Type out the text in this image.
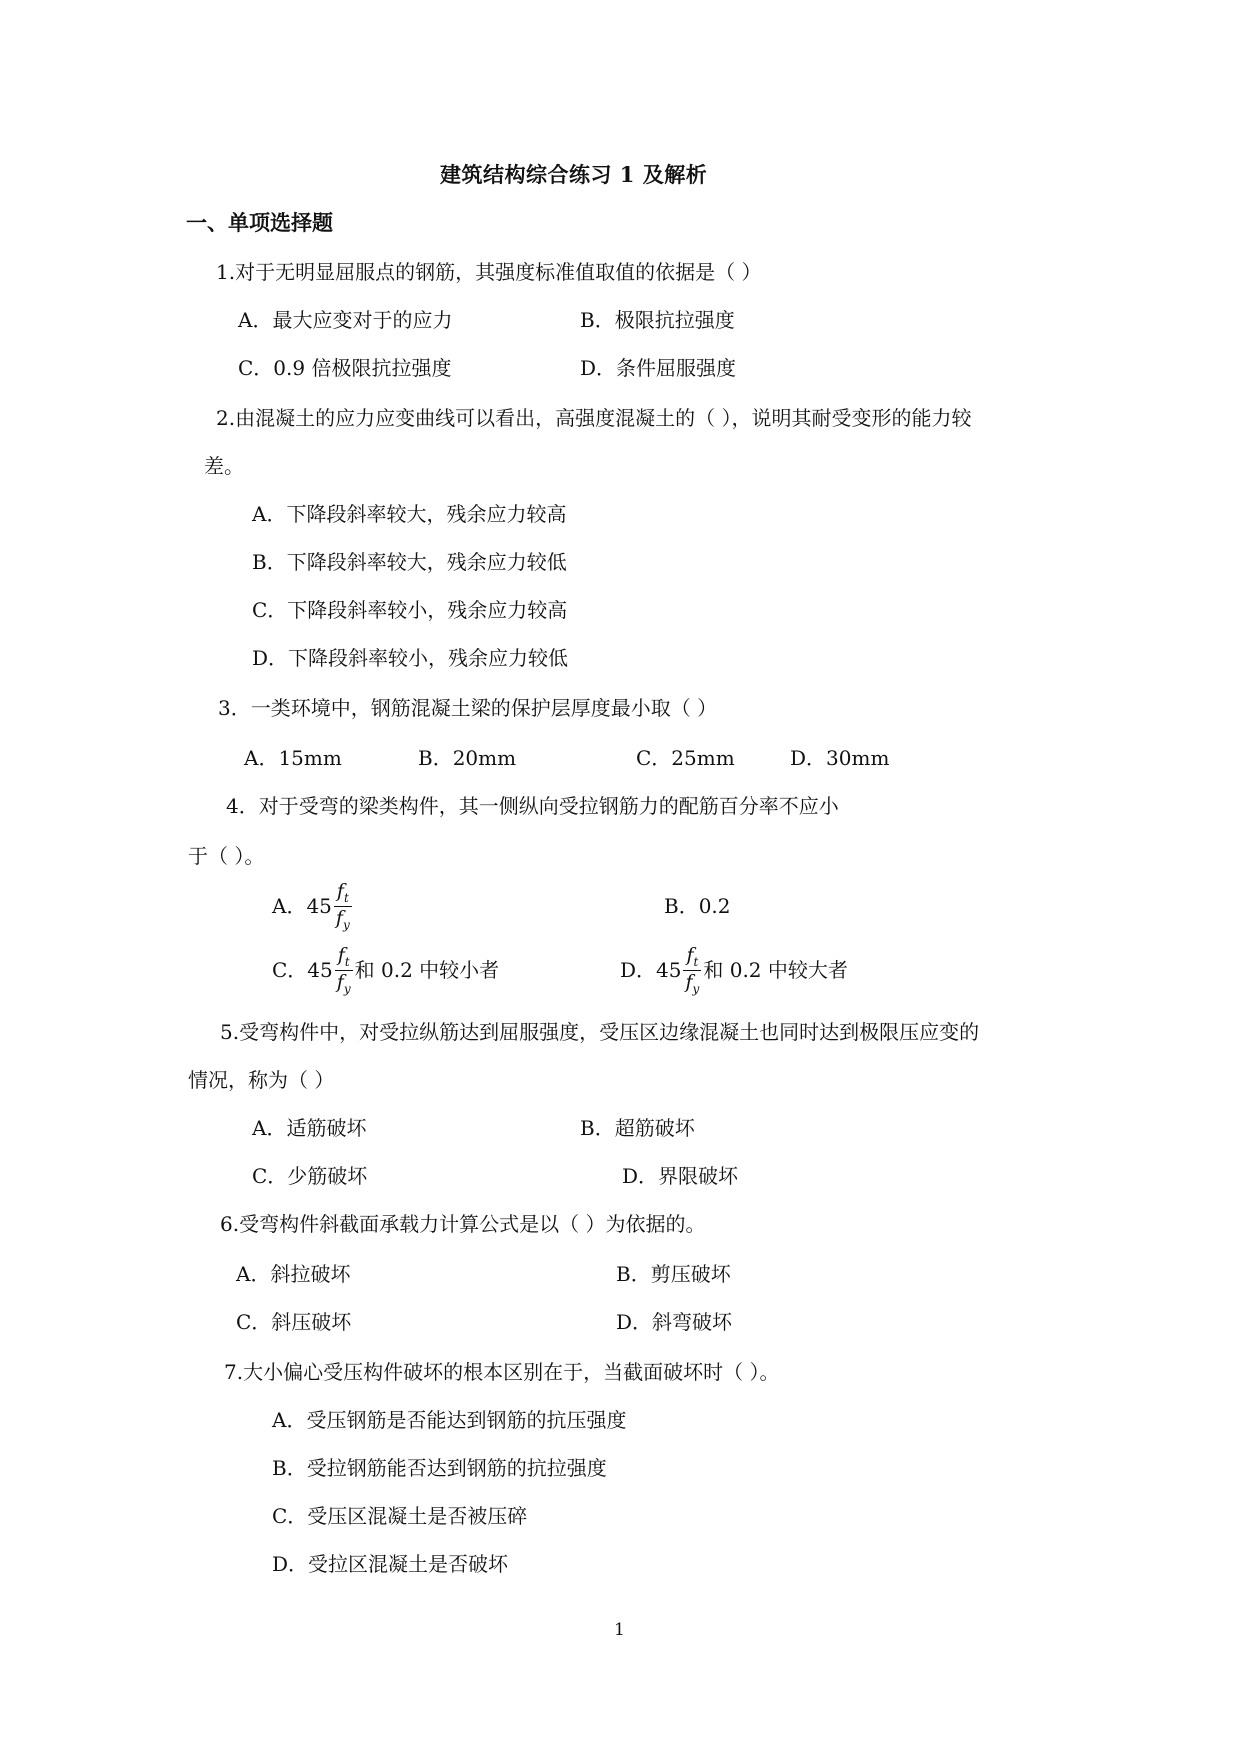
建筑结构综合练习 1 及解析
一、单项选择题
1.对于无明显屈服点的钢筋，其强度标准值取值的依据是（ ）
A．最大应变对于的应力	B．极限抗拉强度
C．0.9 倍极限抗拉强度	D．条件屈服强度
2.由混凝土的应力应变曲线可以看出，高强度混凝土的（ ），说明其耐受变形的能力较
差。
A．下降段斜率较大，残余应力较高
B．下降段斜率较大，残余应力较低
C．下降段斜率较小，残余应力较高
D．下降段斜率较小，残余应力较低
3．一类环境中，钢筋混凝土梁的保护层厚度最小取（ ）
A．15mm	B．20mm	C．25mm	D．30mm
4．对于受弯的梁类构件，其一侧纵向受拉钢筋力的配筋百分率不应小
于（ ）。
A．$45 \frac{f_t}{f_y}$	B．0.2
C．$45 \frac{f_t}{f_y}$ 和 0.2 中较小者	D．$45 \frac{f_t}{f_y}$ 和 0.2 中较大者
5.受弯构件中，对受拉纵筋达到屈服强度，受压区边缘混凝土也同时达到极限压应变的
情况，称为（ ）
A．适筋破坏	B．超筋破坏
C．少筋破坏	D．界限破坏
6.受弯构件斜截面承载力计算公式是以（ ）为依据的。
A．斜拉破坏	B．剪压破坏
C．斜压破坏	D．斜弯破坏
7.大小偏心受压构件破坏的根本区别在于，当截面破坏时（ ）。
A．受压钢筋是否能达到钢筋的抗压强度
B．受拉钢筋能否达到钢筋的抗拉强度
C．受压区混凝土是否被压碎
D．受拉区混凝土是否破坏
1
